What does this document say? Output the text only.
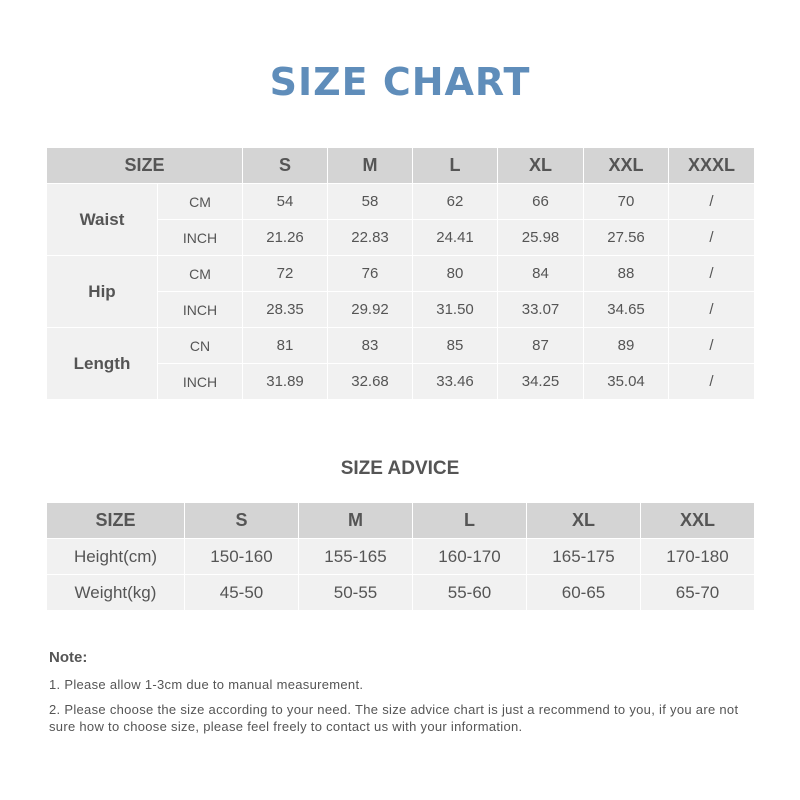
SIZE CHART
SIZE		S	M	L	XL	XXL	XXXL
Waist	CM	54	58	62	66	70	/
	INCH	21.26	22.83	24.41	25.98	27.56	/
Hip	CM	72	76	80	84	88	/
	INCH	28.35	29.92	31.50	33.07	34.65	/
Length	CN	81	83	85	87	89	/
	INCH	31.89	32.68	33.46	34.25	35.04	/
SIZE ADVICE
SIZE	S	M	L	XL	XXL
Height(cm)	150-160	155-165	160-170	165-175	170-180
Weight(kg)	45-50	50-55	55-60	60-65	65-70
Note:
1. Please allow 1-3cm due to manual measurement.
2. Please choose the size according to your need. The size advice chart is just a recommend to you, if you are not sure how to choose size, please feel freely to contact us with your information.
